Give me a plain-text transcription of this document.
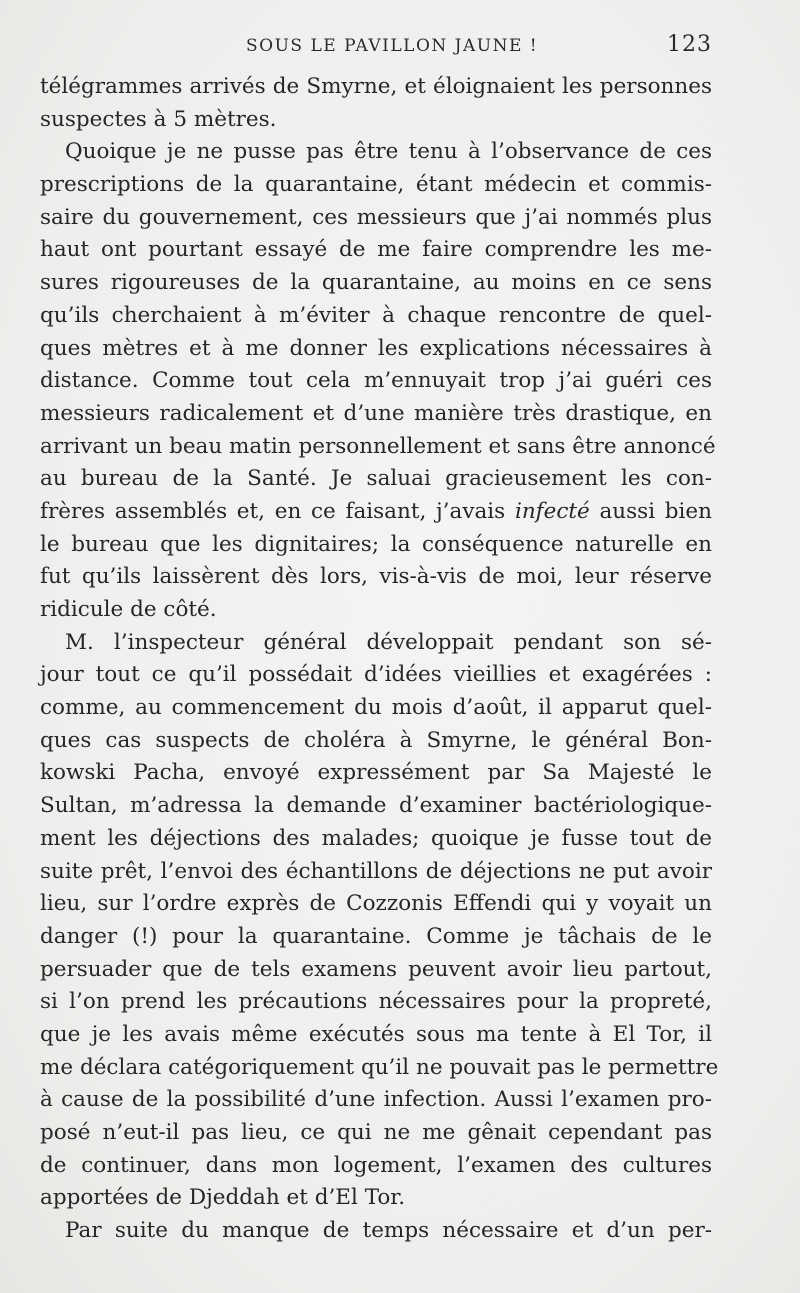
SOUS LE PAVILLON JAUNE !	123
télégrammes arrivés de Smyrne, et éloignaient les personnes
suspectes à 5 mètres.
Quoique je ne pusse pas être tenu à l’observance de ces
prescriptions de la quarantaine, étant médecin et commis-
saire du gouvernement, ces messieurs que j’ai nommés plus
haut ont pourtant essayé de me faire comprendre les me-
sures rigoureuses de la quarantaine, au moins en ce sens
qu’ils cherchaient à m’éviter à chaque rencontre de quel-
ques mètres et à me donner les explications nécessaires à
distance. Comme tout cela m’ennuyait trop j’ai guéri ces
messieurs radicalement et d’une manière très drastique, en
arrivant un beau matin personnellement et sans être annoncé
au bureau de la Santé. Je saluai gracieusement les con-
frères assemblés et, en ce faisant, j’avais infecté aussi bien
le bureau que les dignitaires; la conséquence naturelle en
fut qu’ils laissèrent dès lors, vis-à-vis de moi, leur réserve
ridicule de côté.
M. l’inspecteur général développait pendant son sé-
jour tout ce qu’il possédait d’idées vieillies et exagérées :
comme, au commencement du mois d’août, il apparut quel-
ques cas suspects de choléra à Smyrne, le général Bon-
kowski Pacha, envoyé expressément par Sa Majesté le
Sultan, m’adressa la demande d’examiner bactériologique-
ment les déjections des malades; quoique je fusse tout de
suite prêt, l’envoi des échantillons de déjections ne put avoir
lieu, sur l’ordre exprès de Cozzonis Effendi qui y voyait un
danger (!) pour la quarantaine. Comme je tâchais de le
persuader que de tels examens peuvent avoir lieu partout,
si l’on prend les précautions nécessaires pour la propreté,
que je les avais même exécutés sous ma tente à El Tor, il
me déclara catégoriquement qu’il ne pouvait pas le permettre
à cause de la possibilité d’une infection. Aussi l’examen pro-
posé n’eut-il pas lieu, ce qui ne me gênait cependant pas
de continuer, dans mon logement, l’examen des cultures
apportées de Djeddah et d’El Tor.
Par suite du manque de temps nécessaire et d’un per-
